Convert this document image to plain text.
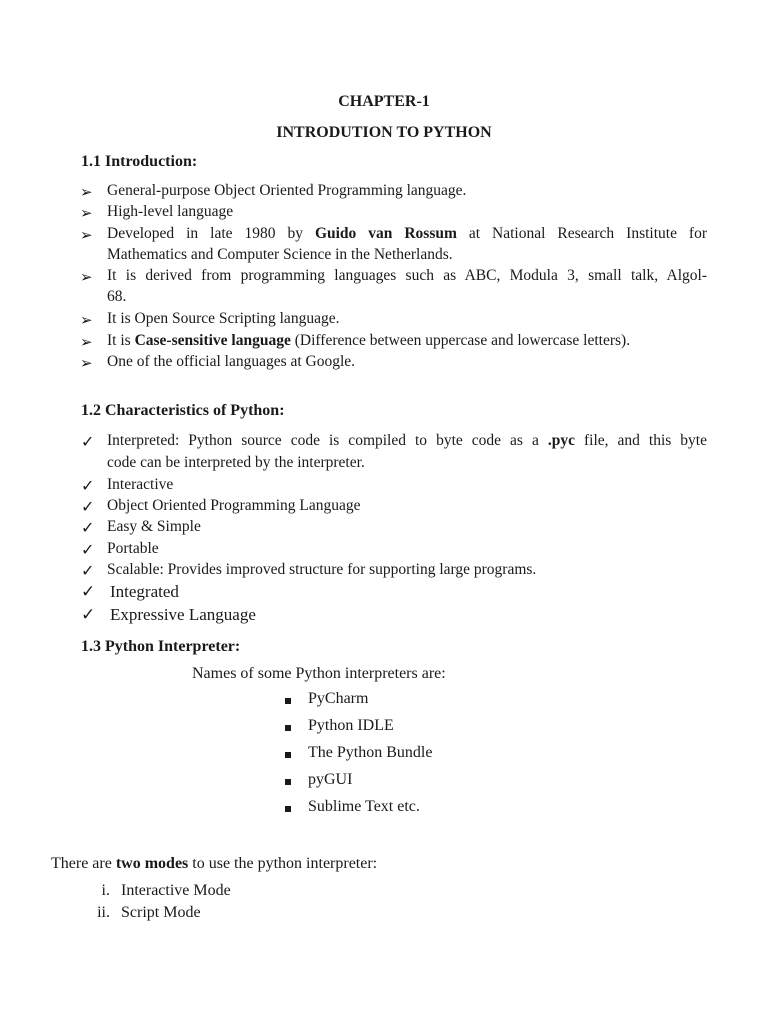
CHAPTER-1
INTRODUTION TO PYTHON
1.1 Introduction:
➢ General-purpose Object Oriented Programming language.
➢ High-level language
➢ Developed in late 1980 by Guido van Rossum at National Research Institute for
Mathematics and Computer Science in the Netherlands.
➢ It is derived from programming languages such as ABC, Modula 3, small talk, Algol-
68.
➢ It is Open Source Scripting language.
➢ It is Case-sensitive language (Difference between uppercase and lowercase letters).
➢ One of the official languages at Google.
1.2 Characteristics of Python:
✓ Interpreted: Python source code is compiled to byte code as a .pyc file, and this byte
code can be interpreted by the interpreter.
✓ Interactive
✓ Object Oriented Programming Language
✓ Easy & Simple
✓ Portable
✓ Scalable: Provides improved structure for supporting large programs.
✓ Integrated
✓ Expressive Language
1.3 Python Interpreter:
Names of some Python interpreters are:
PyCharm
Python IDLE
The Python Bundle
pyGUI
Sublime Text etc.
There are two modes to use the python interpreter:
i. Interactive Mode
ii. Script Mode
